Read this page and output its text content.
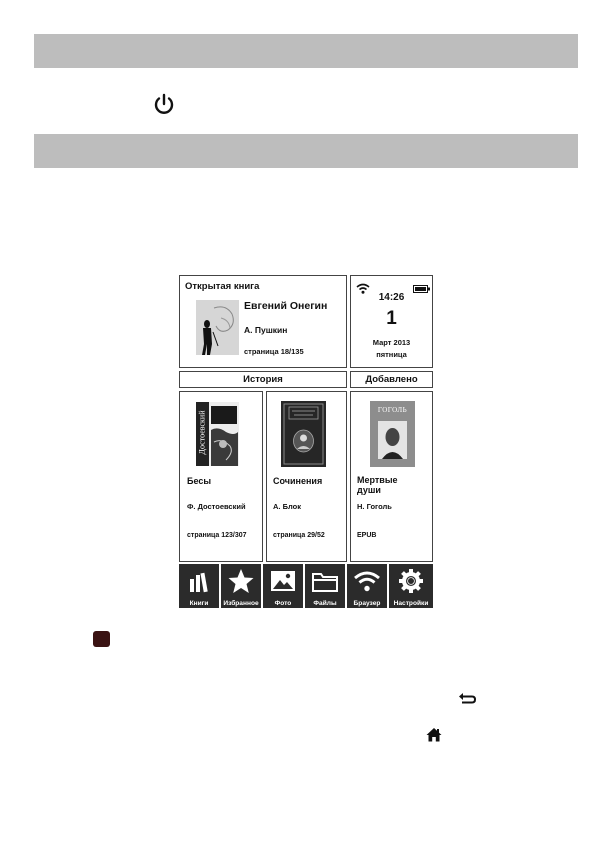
Открытая книга
Евгений Онегин
А. Пушкин
страница 18/135
14:26
1
Март 2013
пятница
История	Добавлено
Достоевский
Бесы
Ф. Достоевский
страница 123/307
Сочинения
А. Блок
страница 29/52
ГОГОЛЬ
Мертвые души
Н. Гоголь
EPUB
Книги	Избранное	Фото	Файлы	Браузер	Настройки
